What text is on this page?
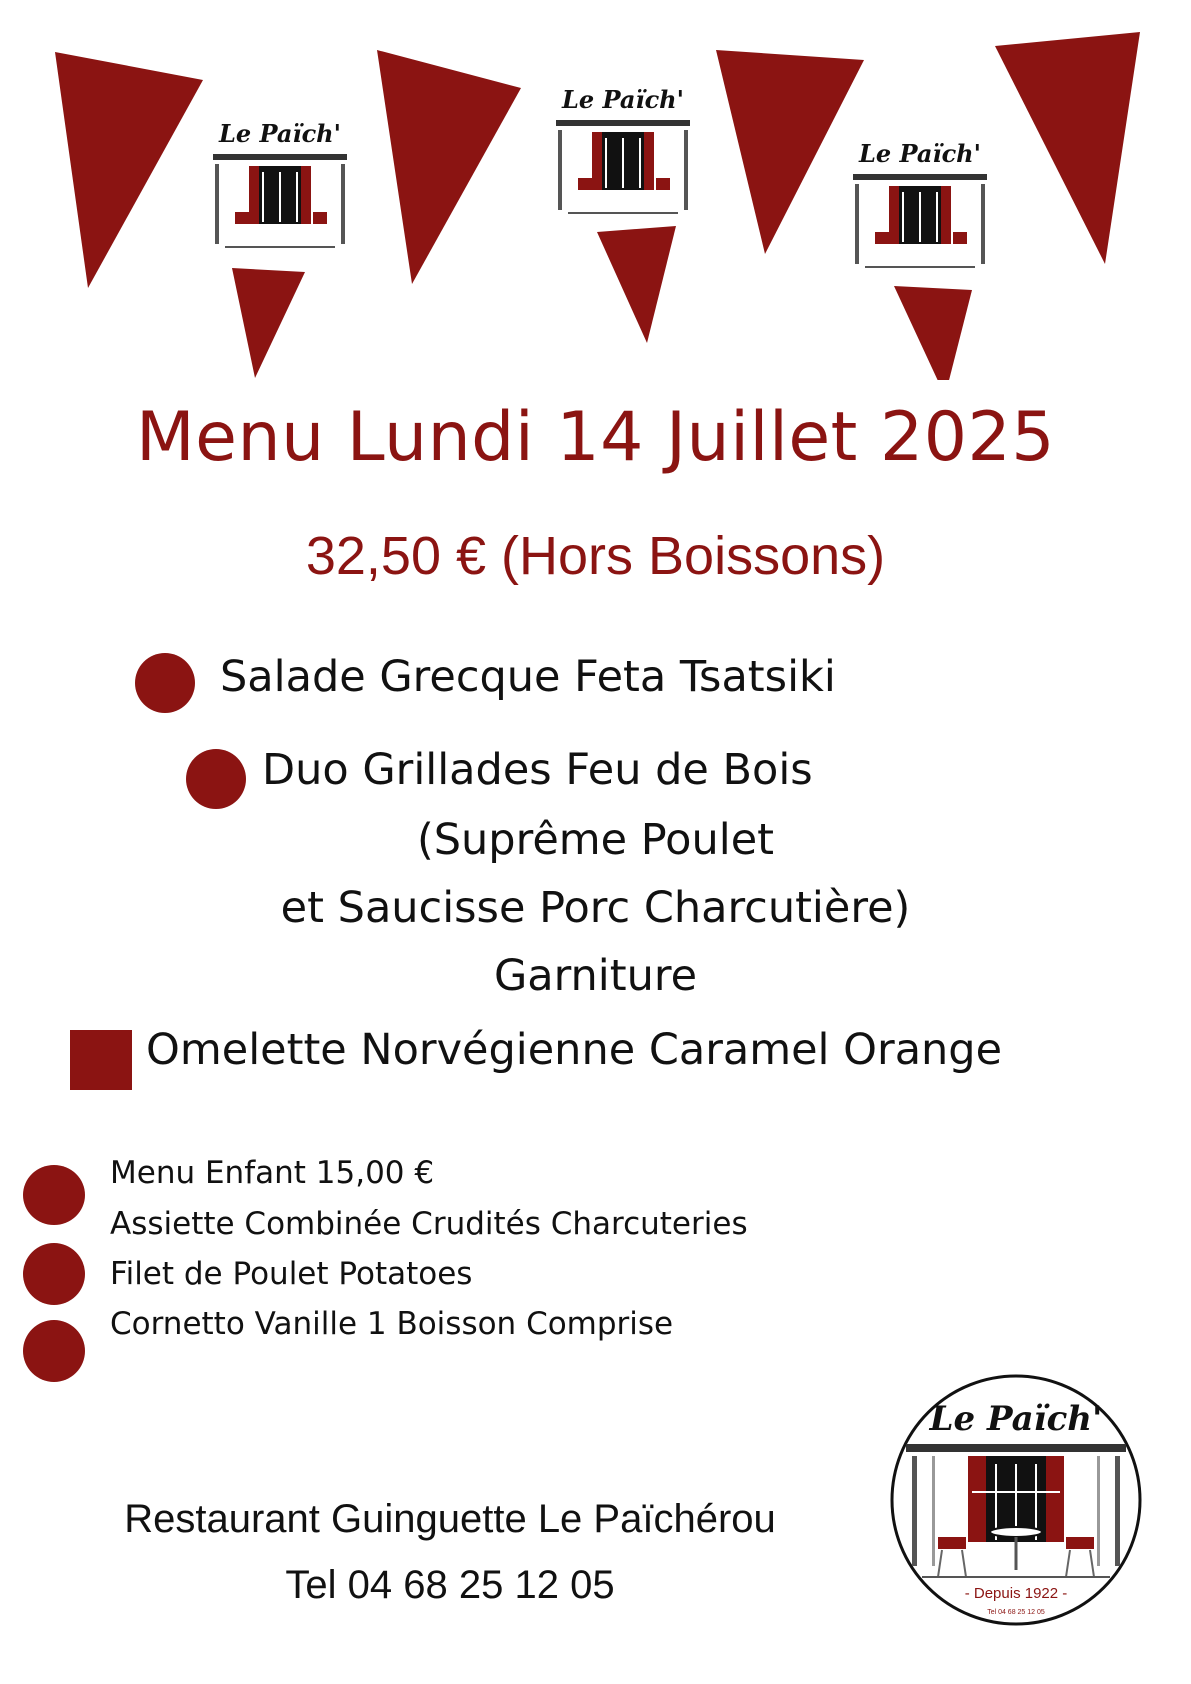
Le Païch'
Le Païch'
Le Païch'
Menu Lundi 14 Juillet 2025
32,50 € (Hors Boissons)
Salade Grecque Feta Tsatsiki
Duo Grillades Feu de Bois
(Suprême Poulet
et Saucisse Porc Charcutière)
Garniture
Omelette Norvégienne Caramel Orange
Menu Enfant 15,00 €
Assiette Combinée Crudités Charcuteries
Filet de Poulet Potatoes
Cornetto Vanille 1 Boisson Comprise
Restaurant Guinguette Le Païchérou
Tel 04 68 25 12 05
Le Païch'
- Depuis 1922 -
Tel 04 68 25 12 05
